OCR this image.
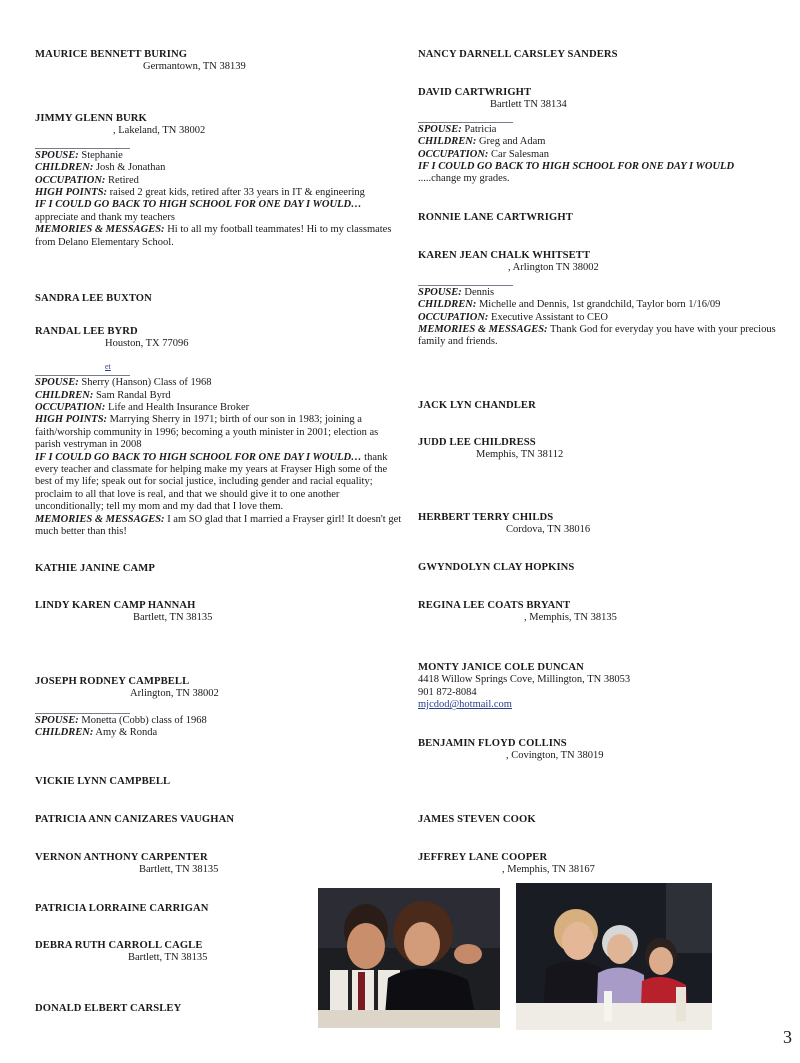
MAURICE BENNETT BURING
Germantown, TN 38139
JIMMY GLENN BURK
, Lakeland, TN 38002
SPOUSE: Stephanie
CHILDREN: Josh & Jonathan
OCCUPATION: Retired
HIGH POINTS: raised 2 great kids, retired after 33 years in IT & engineering
IF I COULD GO BACK TO HIGH SCHOOL FOR ONE DAY I WOULD… appreciate and thank my teachers
MEMORIES & MESSAGES: Hi to all my football teammates! Hi to my classmates from Delano Elementary School.
SANDRA LEE BUXTON
RANDAL LEE BYRD
Houston, TX 77096
et
SPOUSE: Sherry (Hanson) Class of 1968
CHILDREN: Sam Randal Byrd
OCCUPATION: Life and Health Insurance Broker
HIGH POINTS: Marrying Sherry in 1971; birth of our son in 1983; joining a faith/worship community in 1996; becoming a youth minister in 2001; election as parish vestryman in 2008
IF I COULD GO BACK TO HIGH SCHOOL FOR ONE DAY I WOULD… thank every teacher and classmate for helping make my years at Frayser High some of the best of my life; speak out for social justice, including gender and racial equality; proclaim to all that love is real, and that we should give it to one another unconditionally; tell my mom and my dad that I love them.
MEMORIES & MESSAGES: I am SO glad that I married a Frayser girl! It doesn't get much better than this!
KATHIE JANINE CAMP
LINDY KAREN CAMP HANNAH
Bartlett, TN 38135
JOSEPH RODNEY CAMPBELL
Arlington, TN 38002
SPOUSE: Monetta (Cobb) class of 1968
CHILDREN: Amy & Ronda
VICKIE LYNN CAMPBELL
PATRICIA ANN CANIZARES VAUGHAN
VERNON ANTHONY CARPENTER
Bartlett, TN 38135
PATRICIA LORRAINE CARRIGAN
DEBRA RUTH CARROLL CAGLE
Bartlett, TN 38135
DONALD ELBERT CARSLEY
NANCY DARNELL CARSLEY SANDERS
DAVID CARTWRIGHT
Bartlett TN 38134
SPOUSE: Patricia
CHILDREN: Greg and Adam
OCCUPATION: Car Salesman
IF I COULD GO BACK TO HIGH SCHOOL FOR ONE DAY I WOULD .....change my grades.
RONNIE LANE CARTWRIGHT
KAREN JEAN CHALK WHITSETT
, Arlington TN 38002
SPOUSE: Dennis
CHILDREN: Michelle and Dennis, 1st grandchild, Taylor born 1/16/09
OCCUPATION: Executive Assistant to CEO
MEMORIES & MESSAGES: Thank God for everyday you have with your precious family and friends.
JACK LYN CHANDLER
JUDD LEE CHILDRESS
Memphis, TN 38112
HERBERT TERRY CHILDS
Cordova, TN 38016
GWYNDOLYN CLAY HOPKINS
REGINA LEE COATS BRYANT
, Memphis, TN 38135
MONTY JANICE COLE DUNCAN
4418 Willow Springs Cove, Millington, TN 38053
901 872-8084
mjcdod@hotmail.com
BENJAMIN FLOYD COLLINS
, Covington, TN 38019
JAMES STEVEN COOK
JEFFREY LANE COOPER
, Memphis, TN 38167
3
